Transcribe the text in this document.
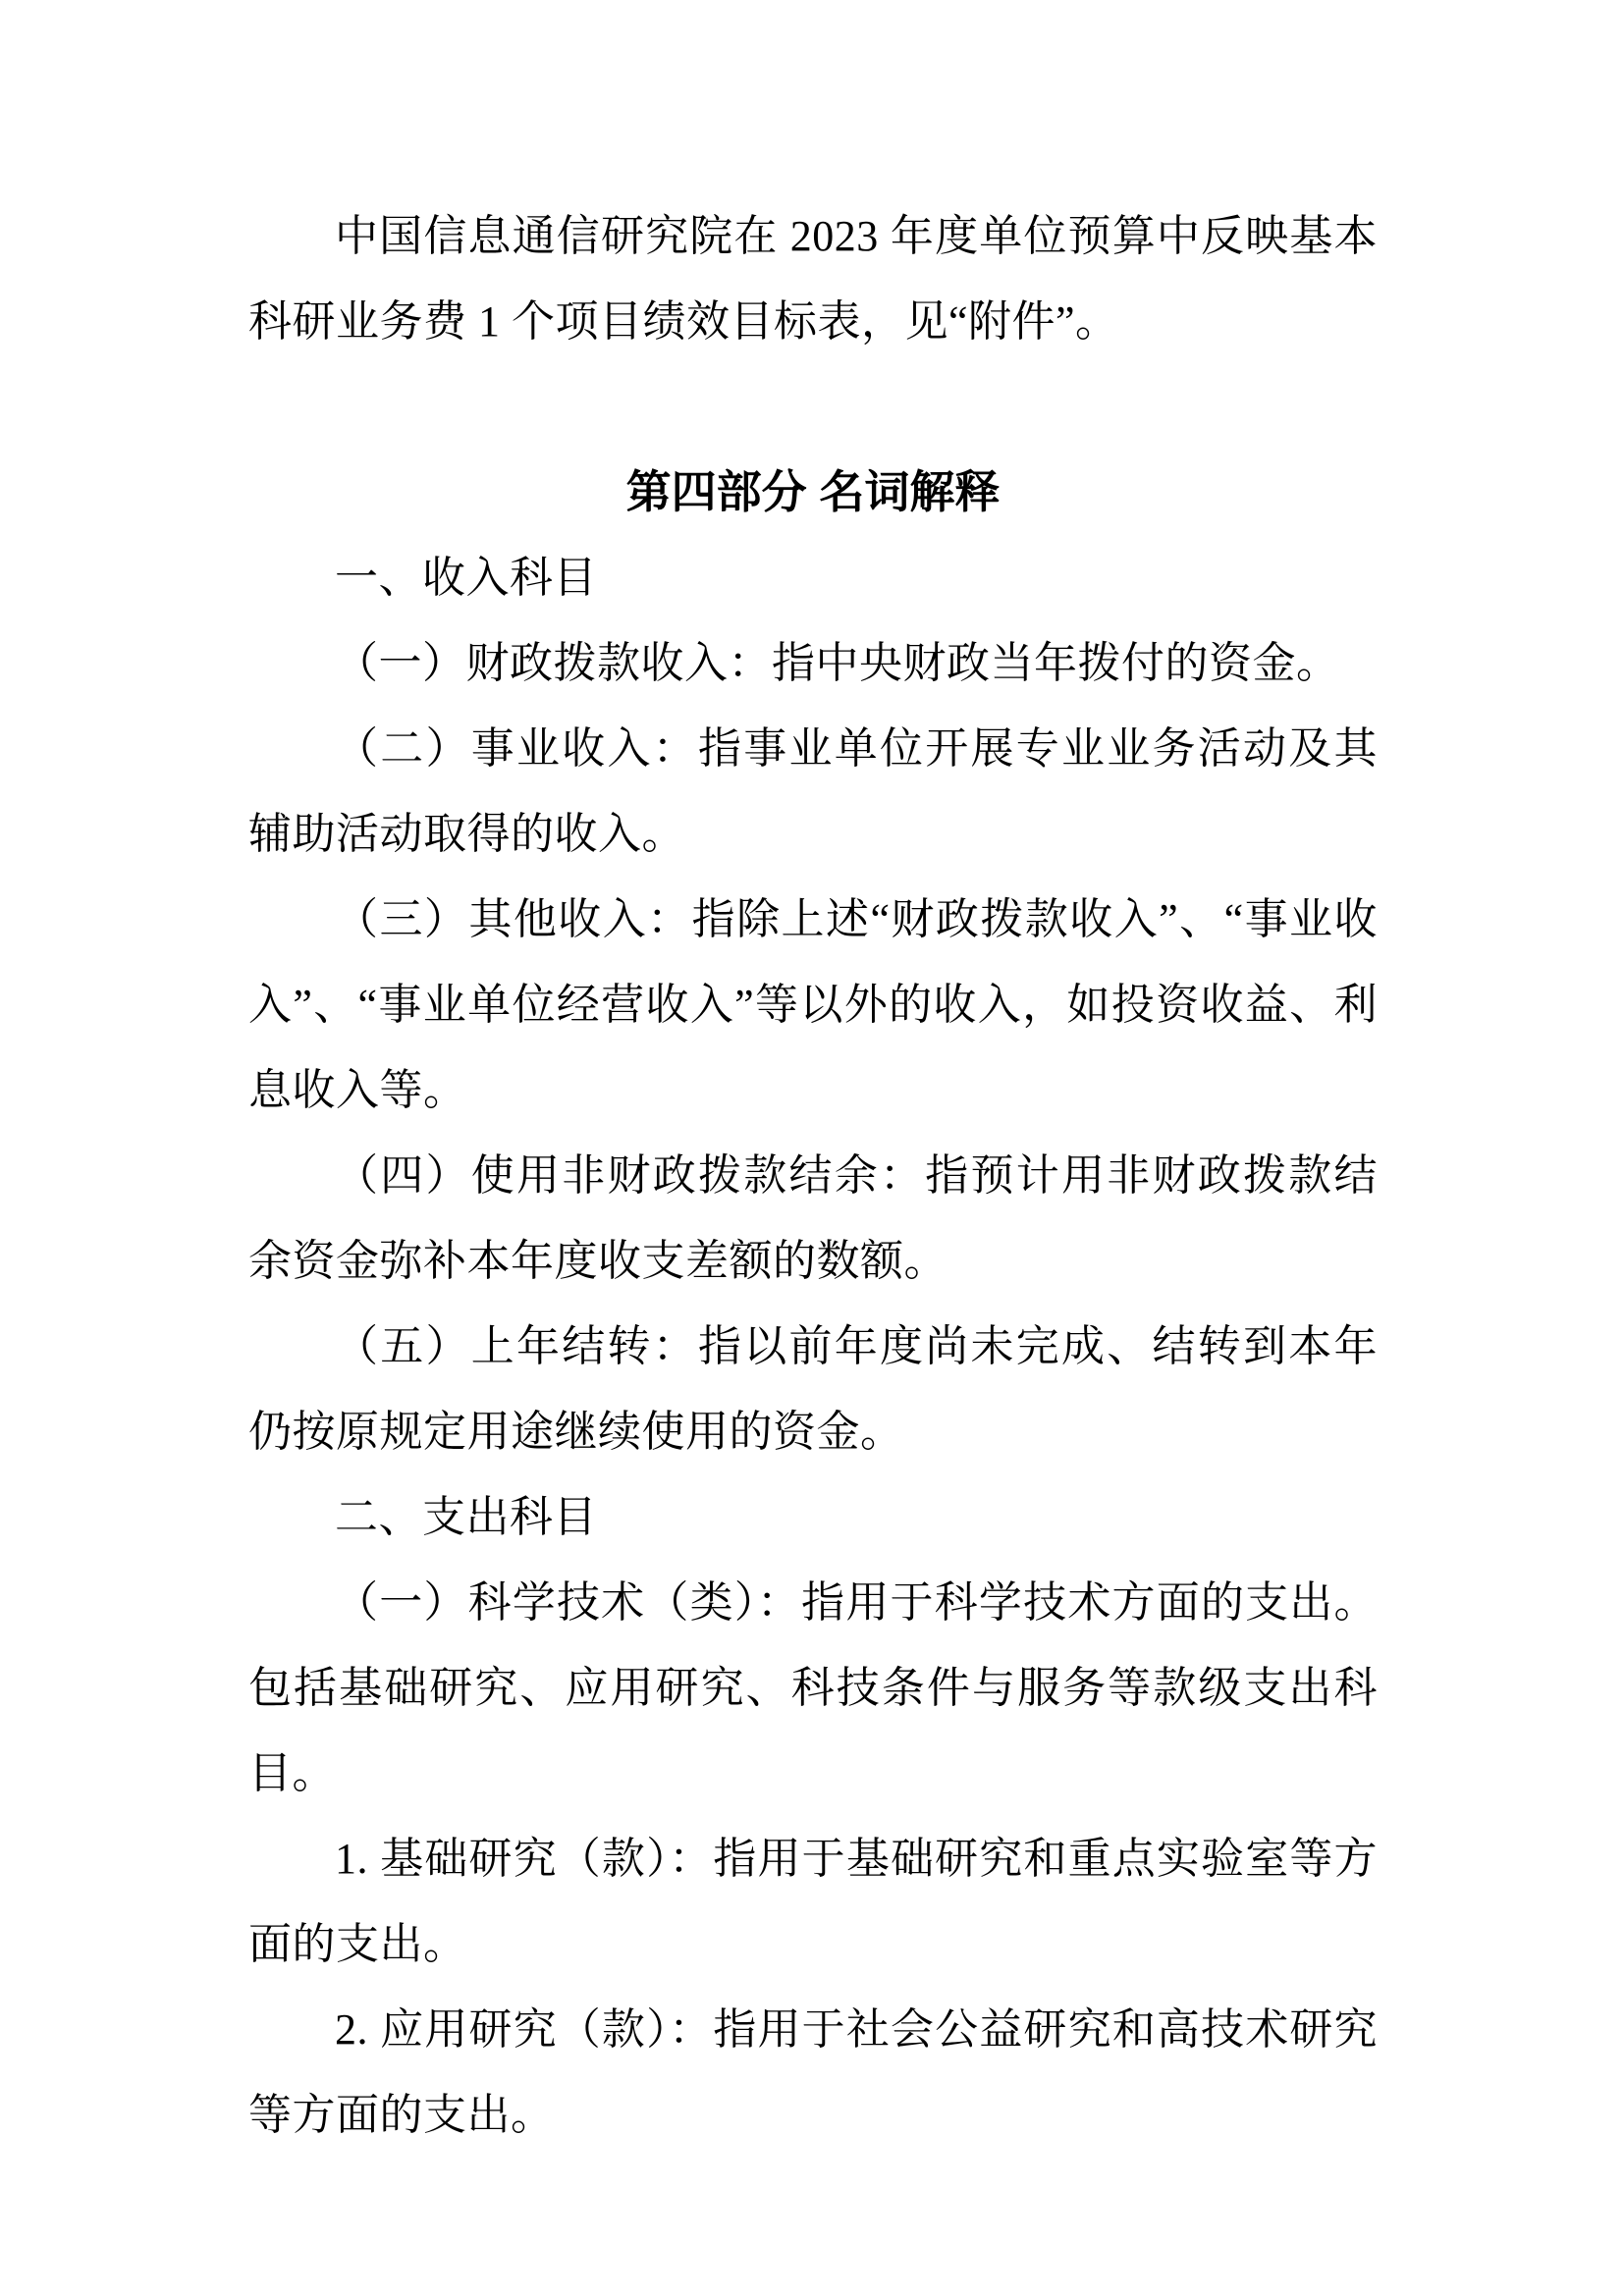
中国信息通信研究院在 2023 年度单位预算中反映基本科研业务费 1 个项目绩效目标表，见“附件”。

第四部分 名词解释

一、收入科目

（一）财政拨款收入：指中央财政当年拨付的资金。

（二）事业收入：指事业单位开展专业业务活动及其辅助活动取得的收入。

（三）其他收入：指除上述“财政拨款收入”、“事业收入”、“事业单位经营收入”等以外的收入，如投资收益、利息收入等。

（四）使用非财政拨款结余：指预计用非财政拨款结余资金弥补本年度收支差额的数额。

（五）上年结转：指以前年度尚未完成、结转到本年仍按原规定用途继续使用的资金。

二、支出科目

（一）科学技术（类）：指用于科学技术方面的支出。包括基础研究、应用研究、科技条件与服务等款级支出科目。

1. 基础研究（款）：指用于基础研究和重点实验室等方面的支出。

2. 应用研究（款）：指用于社会公益研究和高技术研究等方面的支出。
